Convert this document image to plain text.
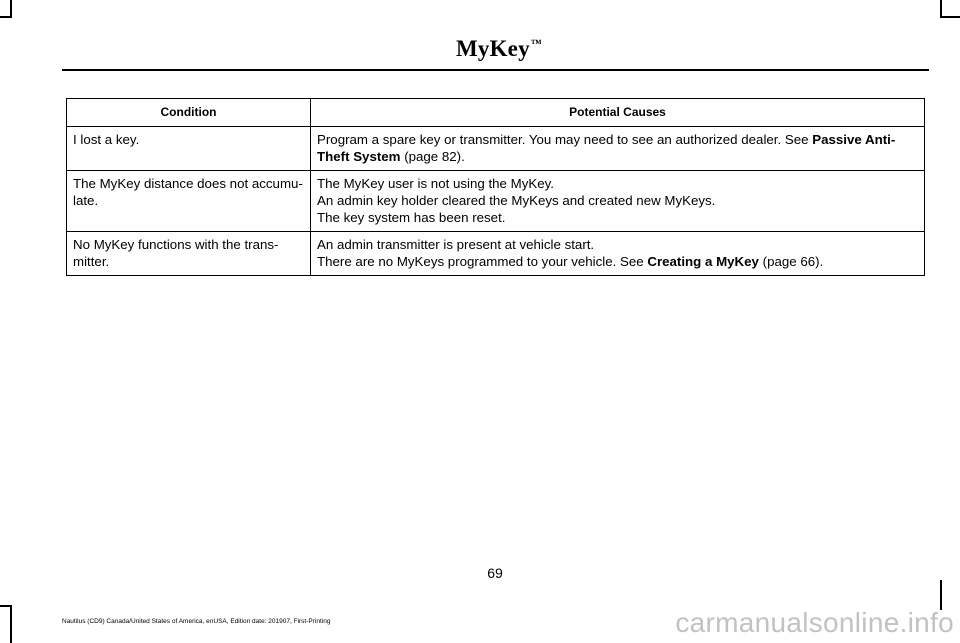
MyKey™
Condition	Potential Causes
I lost a key.	Program a spare key or transmitter. You may need to see an authorized dealer. See Passive Anti-Theft System (page 82).
The MyKey distance does not accumu-late.	The MyKey user is not using the MyKey.
An admin key holder cleared the MyKeys and created new MyKeys.
The key system has been reset.

No MyKey functions with the trans-mitter.	An admin transmitter is present at vehicle start.
There are no MyKeys programmed to your vehicle. See Creating a MyKey (page 66).
69
Nautilus (CD9) Canada/United States of America, enUSA, Edition date: 201907, First-Printing	carmanualsonline.info
